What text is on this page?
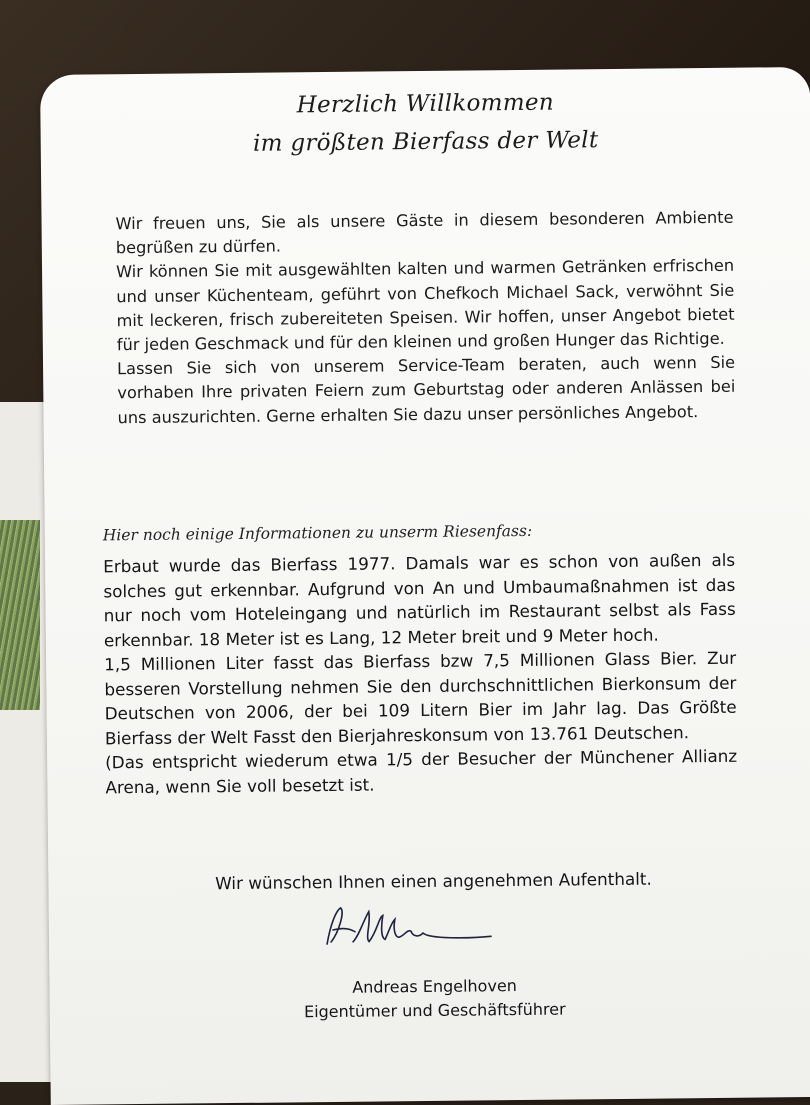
Herzlich Willkommen
im größten Bierfass der Welt

Wir freuen uns, Sie als unsere Gäste in diesem besonderen Ambiente begrüßen zu dürfen.

Wir können Sie mit ausgewählten kalten und warmen Getränken erfrischen und unser Küchenteam, geführt von Chefkoch Michael Sack, verwöhnt Sie mit leckeren, frisch zubereiteten Speisen. Wir hoffen, unser Angebot bietet für jeden Geschmack und für den kleinen und großen Hunger das Richtige.

Lassen Sie sich von unserem Service-Team beraten, auch wenn Sie vorhaben Ihre privaten Feiern zum Geburtstag oder anderen Anlässen bei uns auszurichten. Gerne erhalten Sie dazu unser persönliches Angebot.

Hier noch einige Informationen zu unserm Riesenfass:

Erbaut wurde das Bierfass 1977. Damals war es schon von außen als solches gut erkennbar. Aufgrund von An und Umbaumaßnahmen ist das nur noch vom Hoteleingang und natürlich im Restaurant selbst als Fass erkennbar. 18 Meter ist es Lang, 12 Meter breit und 9 Meter hoch.

1,5 Millionen Liter fasst das Bierfass bzw 7,5 Millionen Glass Bier. Zur besseren Vorstellung nehmen Sie den durchschnittlichen Bierkonsum der Deutschen von 2006, der bei 109 Litern Bier im Jahr lag. Das Größte Bierfass der Welt Fasst den Bierjahreskonsum von 13.761 Deutschen.

(Das entspricht wiederum etwa 1/5 der Besucher der Münchener Allianz Arena, wenn Sie voll besetzt ist.

Wir wünschen Ihnen einen angenehmen Aufenthalt.
Andreas Engelhoven
Eigentümer und Geschäftsführer
